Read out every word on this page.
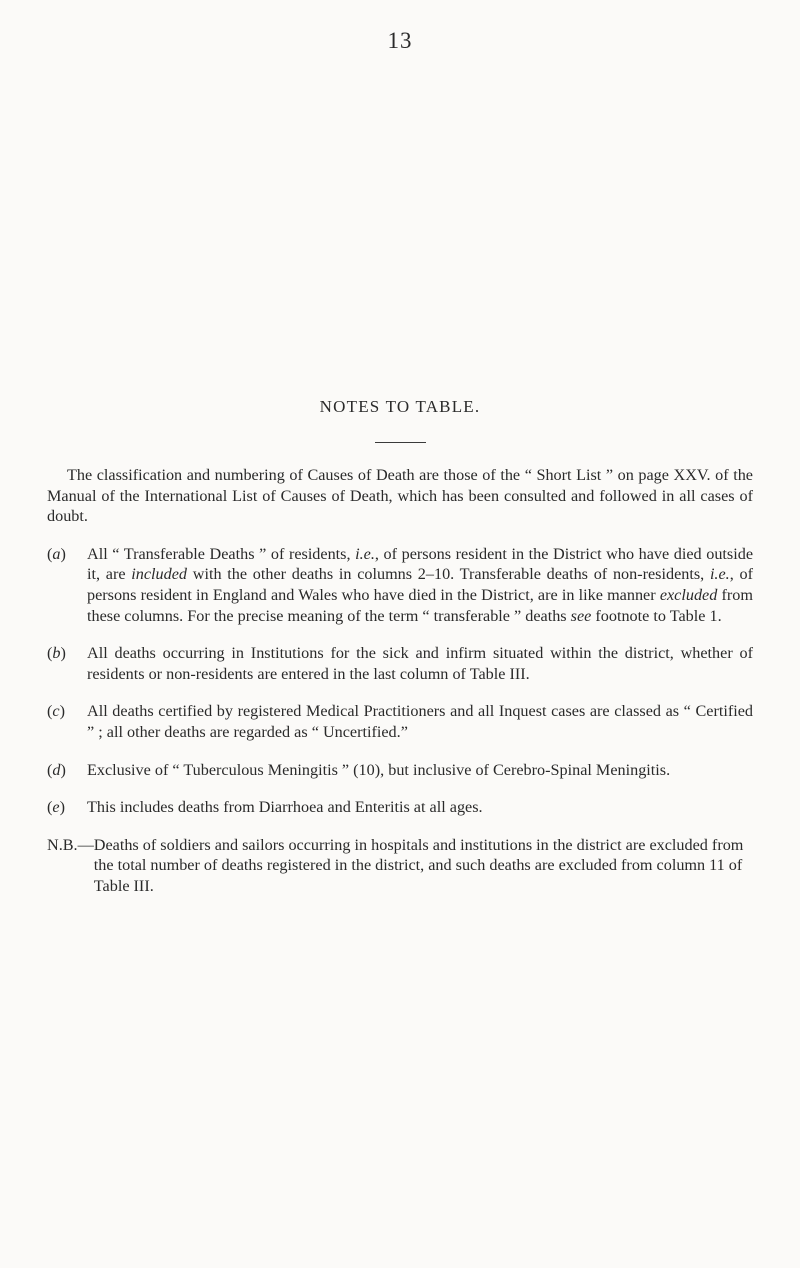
13
NOTES TO TABLE.

The classification and numbering of Causes of Death are those of the “ Short List ” on page XXV. of the Manual of the International List of Causes of Death, which has been consulted and followed in all cases of doubt.

(a)	All “ Transferable Deaths ” of residents, i.e., of persons resident in the District who have died outside it, are included with the other deaths in columns 2–10. Transferable deaths of non-residents, i.e., of persons resident in England and Wales who have died in the District, are in like manner excluded from these columns. For the precise meaning of the term “ transferable ” deaths see footnote to Table 1.
(b)	All deaths occurring in Institutions for the sick and infirm situated within the district, whether of residents or non-residents are entered in the last column of Table III.
(c)	All deaths certified by registered Medical Practitioners and all Inquest cases are classed as “ Certified ” ; all other deaths are regarded as “ Uncertified.”
(d)	Exclusive of “ Tuberculous Meningitis ” (10), but inclusive of Cerebro-Spinal Meningitis.
(e)	This includes deaths from Diarrhoea and Enteritis at all ages.
N.B.— Deaths of soldiers and sailors occurring in hospitals and institutions in the district are excluded from the total number of deaths registered in the district, and such deaths are excluded from column 11 of Table III.
